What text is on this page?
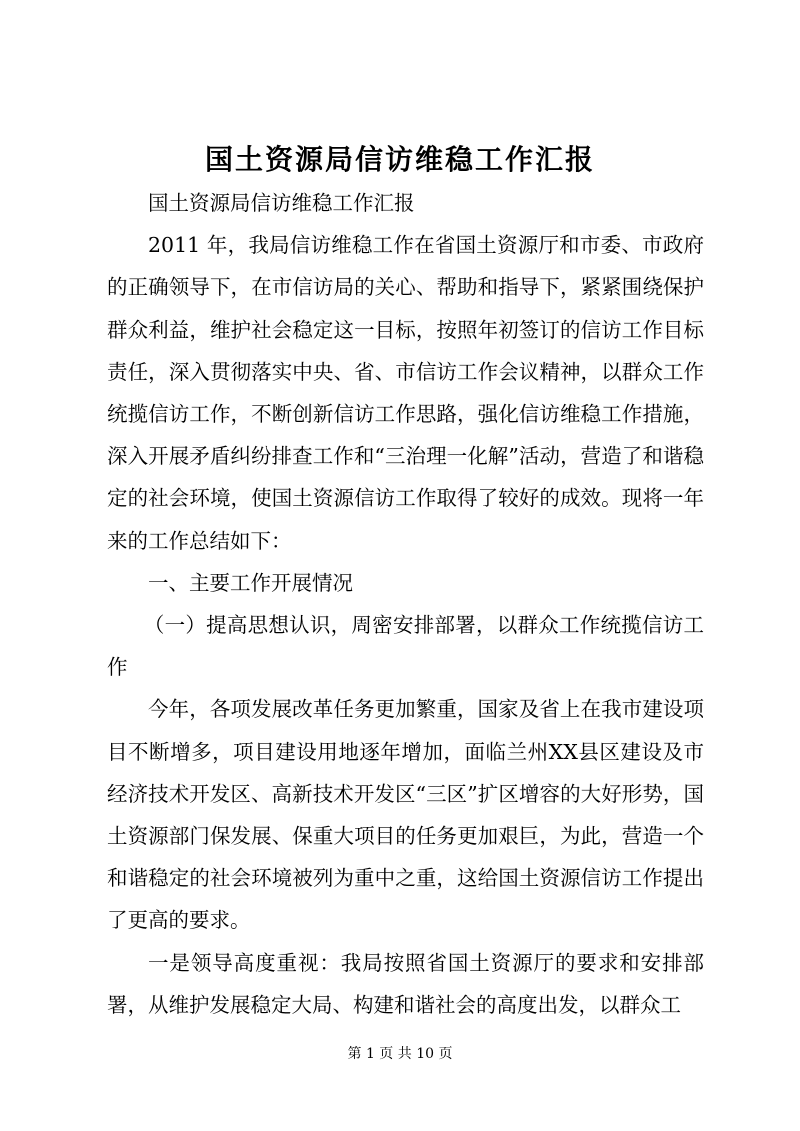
国土资源局信访维稳工作汇报

国土资源局信访维稳工作汇报

2011 年，我局信访维稳工作在省国土资源厅和市委、市政府的正确领导下，在市信访局的关心、帮助和指导下，紧紧围绕保护群众利益，维护社会稳定这一目标，按照年初签订的信访工作目标责任，深入贯彻落实中央、省、市信访工作会议精神，以群众工作统揽信访工作，不断创新信访工作思路，强化信访维稳工作措施，深入开展矛盾纠纷排查工作和“三治理一化解”活动，营造了和谐稳定的社会环境，使国土资源信访工作取得了较好的成效。现将一年来的工作总结如下：

一、主要工作开展情况

（一）提高思想认识，周密安排部署，以群众工作统揽信访工作

今年，各项发展改革任务更加繁重，国家及省上在我市建设项目不断增多，项目建设用地逐年增加，面临兰州XX县区建设及市经济技术开发区、高新技术开发区“三区”扩区增容的大好形势，国土资源部门保发展、保重大项目的任务更加艰巨，为此，营造一个和谐稳定的社会环境被列为重中之重，这给国土资源信访工作提出了更高的要求。

一是领导高度重视：我局按照省国土资源厅的要求和安排部署，从维护发展稳定大局、构建和谐社会的高度出发，以群众工

第 1 页 共 10 页
